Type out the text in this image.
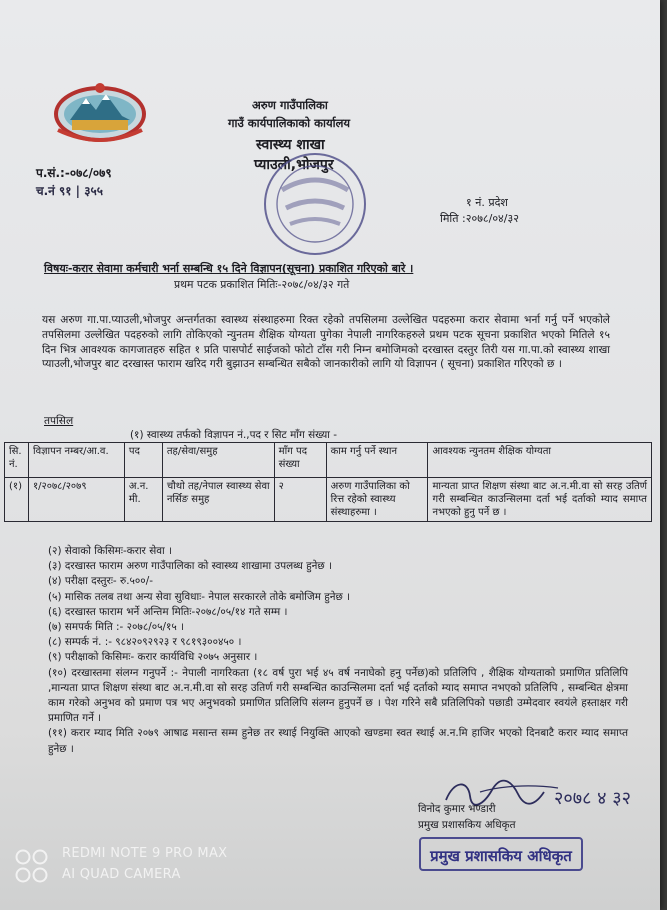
अरुण गाउँपालिका
गाउँ कार्यपालिकाको कार्यालय
स्वास्थ्य शाखा
प्याउली,भोजपुर
प.सं.:-०७८/०७९
च.नं ९१ | ३५५
१ नं. प्रदेश
मिति :२०७८/०४/३२
विषयः-करार सेवामा कर्मचारी भर्ना सम्बन्धि १५ दिने विज्ञापन(सूचना) प्रकाशित गरिएको बारे ।
प्रथम पटक प्रकाशित मितिः-२०७८/०४/३२ गते
यस अरुण गा.पा.प्याउली,भोजपुर अन्तर्गतका स्वास्थ्य संस्थाहरुमा रिक्त रहेको तपसिलमा उल्लेखित पदहरुमा करार सेवामा भर्ना गर्नु पर्ने भएकोले तपसिलमा उल्लेखित पदहरुको लागि तोकिएको न्युनतम शैक्षिक योग्यता पुगेका नेपाली नागरिकहरुले प्रथम पटक सूचना प्रकाशित भएको मितिले १५ दिन भित्र आवश्यक कागजातहरु सहित १ प्रति पासपोर्ट साईजको फोटो टाँस गरी निम्न बमोजिमको दरखास्त दस्तुर तिरी यस गा.पा.को स्वास्थ्य शाखा प्याउली,भोजपुर बाट दरखास्त फाराम खरिद गरी बुझाउन सम्बन्धित सबैको जानकारीको लागि यो विज्ञापन ( सूचना) प्रकाशित गरिएको छ ।
तपसिल
(१) स्वास्थ्य तर्फको विज्ञापन नं.,पद र सिट माँग संख्या -
सि. नं.	विज्ञापन नम्बर/आ.व.	पद	तह/सेवा/समुह	माँग पद संख्या	काम गर्नु पर्ने स्थान	आवश्यक न्युनतम शैक्षिक योग्यता
(१)	१/२०७८/२०७९	अ.न. मी.	चौथो तह/नेपाल स्वास्थ्य सेवा नर्सिङ समुह	२	अरुण गाउँपालिका को रित्त रहेको स्वास्थ्य संस्थाहरुमा ।	मान्यता प्राप्त शिक्षण संस्था बाट अ.न.मी.वा सो सरह उतिर्ण गरी सम्बन्धित काउन्सिलमा दर्ता भई दर्ताको म्याद समाप्त नभएको हुनु पर्ने छ ।
(२) सेवाको किसिमः-करार सेवा ।
(३) दरखास्त फाराम अरुण गाउँपालिका को स्वास्थ्य शाखामा उपलब्ध हुनेछ ।
(४) परीक्षा दस्तुरः- रु.५००/-
(५) मासिक तलब तथा अन्य सेवा सुविधाः- नेपाल सरकारले तोके बमोजिम हुनेछ ।
(६) दरखास्त फाराम भर्ने अन्तिम मितिः-२०७८/०५/१४ गते सम्म ।
(७) समपर्क मिति :- २०७८/०५/१५ ।
(८) सम्पर्क नं. :- ९८४२०९२९२३ र ९८१९३००४५० ।
(९) परीक्षाको किसिमः- करार कार्यविधि २०७५ अनुसार ।
(१०) दरखास्तमा संलग्न गनुपर्ने :- नेपाली नागरिकता (१८ वर्ष पुरा भई ४५ वर्ष ननाघेको हनु पर्नेछ)को प्रतिलिपि , शैक्षिक योग्यताको प्रमाणित प्रतिलिपि ,मान्यता प्राप्त शिक्षण संस्था बाट अ.न.मी.वा सो सरह उतिर्ण गरी सम्बन्धित काउन्सिलमा दर्ता भई दर्ताको म्याद समाप्त नभएको प्रतिलिपि , सम्बन्धित क्षेत्रमा काम गरेको अनुभव को प्रमाण पत्र भए अनुभवको प्रमाणित प्रतिलिपि संलग्न हुनुपर्ने छ । पेश गरिने सबै प्रतिलिपिको पछाडी उम्मेदवार स्वयंले हस्ताक्षर गरी प्रमाणित गर्ने ।
(११) करार म्याद मिति २०७९ आषाढ मसान्त सम्म हुनेछ तर स्थाई नियुक्ति आएको खण्डमा स्वत स्थाई अ.न.मि हाजिर भएको दिनबाटै करार म्याद समाप्त हुनेछ ।
२०७८ ४ ३२
विनोद कुमार भण्डारी
प्रमुख प्रशासकिय अधिकृत
प्रमुख प्रशासकिय अधिकृत
REDMI NOTE 9 PRO MAX
AI QUAD CAMERA
